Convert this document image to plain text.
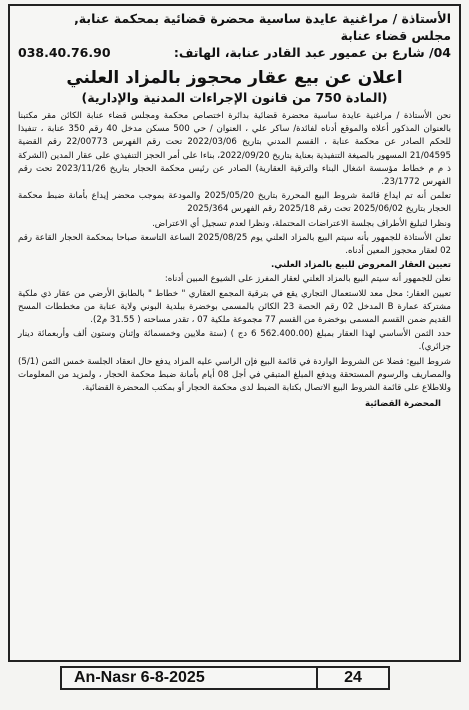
الأستاذة / مراغنية عايدة ساسية محضرة قضائية بمحكمة عنابة,

مجلس قضاء عنابة

04/ شارع بن عميور عبد القادر عنابة، الهاتف:
038.40.76.90
اعلان عن بيع عقار محجوز بالمزاد العلني
(المادة 750 من قانون الإجراءات المدنية والإدارية)

نحن الأستاذة / مراغنية عايدة ساسية محضرة قضائية بدائرة اختصاص محكمة ومجلس قضاء عنابة الكائن مقر مكتبنا بالعنوان المذكور أعلاه والموقع أدناه لفائدة/ ساكر علي ، العنوان / حي 500 مسكن مدخل 40 رقم 350 عنابة ، تنفيذا للحكم الصادر عن محكمة عنابة ، القسم المدني بتاريخ 2022/03/06 تحت رقم الفهرس 22/00773 رقم القضية 21/04595 المسهور بالصيغة التنفيذية بعناية بتاريخ 2022/09/20، بناءا على أمر الحجز التنفيذي على عقار المدين (الشركة ذ م م خطاط مؤسسة اشغال البناء والترقية العقارية) الصادر عن رئيس محكمة الحجار بتاريخ 2023/11/26 تحت رقم الفهرس 23/1772.

تعلمن أنه تم ايداع قائمة شروط البيع المحررة بتاريخ 2025/05/20 والمودعة بموجب محضر إيداع بأمانة ضبط محكمة الحجار بتاريخ 2025/06/02 تحت رقم 2025/18 رقم الفهرس 2025/364

ونظرا لتبليغ الأطراف بجلسة الاعتراضات المحتملة، ونظرا لعدم تسجيل أي الاعتراض.

تعلن الأستاذة للجمهور بأنه سيتم البيع بالمزاد العلني يوم 2025/08/25 الساعة التاسعة صباحا بمحكمة الحجار القاعة رقم 02 لعقار محجوز المعين أدناه.

تعيين العقار المعروض للبيع بالمزاد العلني.

نعلن للجمهور أنه سيتم البيع بالمزاد العلني لعقار المفرز على الشيوع المبين أدناه:

تعيين العقار: محل معد للاستعمال التجاري يقع في بترقية المجمع العقاري " خطاط " بالطابق الأرضي من عقار ذي ملكية مشتركة عمارة B المدخل 02 رقم الحصة 23 الكائن بالمسمى بوخضرة ببلدية البوني ولاية عنابة من مخططات المسح القديم ضمن القسم المسمى بوخضرة من القسم 77 مجموعة ملكية 07 ، تقدر مساحته ( 31.55 م2).

حدد الثمن الأساسي لهذا العقار بمبلغ (562.400.00 6 دج ) (ستة ملايين وخمسمائة وإثنان وستون ألف وأربعمائة دينار جزائري).

شروط البيع: فضلا عن الشروط الواردة في قائمة البيع فإن الراسي عليه المزاد يدفع حال انعقاد الجلسة خمس الثمن (5/1) والمصاريف والرسوم المستحقة ويدفع المبلغ المتبقي في أجل 08 أيام بأمانة ضبط محكمة الحجار ، ولمزيد من المعلومات وللاطلاع على قائمة الشروط البيع الاتصال بكتابة الضبط لدى محكمة الحجار أو بمكتب المحضرة القضائية.

المحضرة القضائية
An-Nasr 6-8-2025	24
